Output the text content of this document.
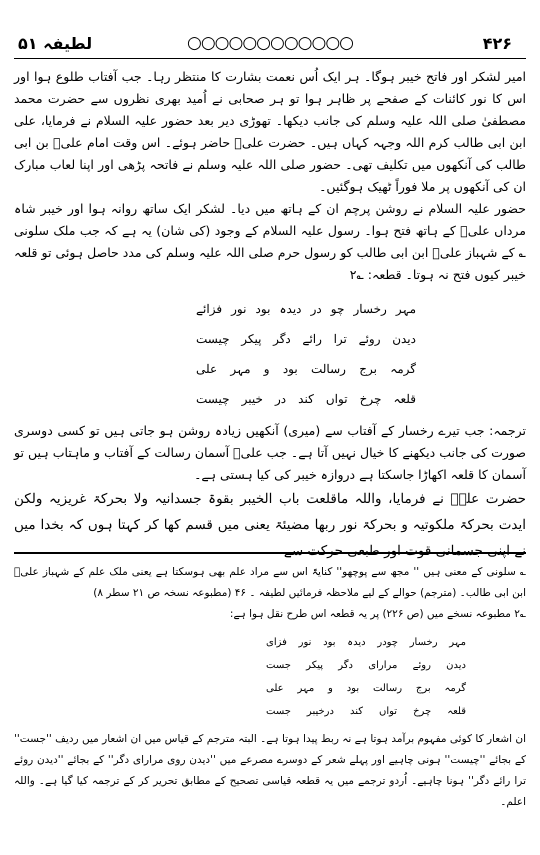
لطیفہ ۵۱	○○○○○○○○○○○○	۴۲۶

امیر لشکر اور فاتح خیبر ہوگا۔ ہر ایک اُس نعمت بشارت کا منتظر رہا۔ جب آفتاب طلوع ہوا اور اس کا نور کائنات کے صفحے پر ظاہر ہوا تو ہر صحابی نے اُمید بھری نظروں سے حضرت محمد مصطفیٰ صلی اللہ علیہ وسلم کی جانب دیکھا۔ تھوڑی دیر بعد حضور علیہ السلام نے فرمایا، علی ابن ابی طالب کرم اللہ وجہہ کہاں ہیں۔ حضرت علیؓ حاضر ہوئے۔ اس وقت امام علیؓ بن ابی طالب کی آنکھوں میں تکلیف تھی۔ حضور صلی اللہ علیہ وسلم نے فاتحہ پڑھی اور اپنا لعاب مبارک ان کی آنکھوں پر ملا فوراً ٹھیک ہوگئیں۔

حضور علیہ السلام نے روشن پرچم ان کے ہاتھ میں دیا۔ لشکر ایک ساتھ روانہ ہوا اور خیبر شاہ مرداں علیؓ کے ہاتھ فتح ہوا۔ رسول علیہ السلام کے وجود (کی شان) یہ ہے کہ جب ملک سلونی ؎ کے شہباز علیؓ ابن ابی طالب کو رسول حرم صلی اللہ علیہ وسلم کی مدد حاصل ہوئی تو قلعہ خیبر کیوں فتح نہ ہوتا۔ قطعہ: ؎۲

مہر رخسار چو در دیدہ بود نور فزائے
دیدن روئے ترا رائے دگر پیکر چیست
گرمہ برج رسالت بود و مہر علی
قلعہ چرخ تواں کند در خیبر چیست

ترجمہ: جب تیرے رخسار کے آفتاب سے (میری) آنکھیں زیادہ روشن ہو جاتی ہیں تو کسی دوسری صورت کی جانب دیکھنے کا خیال نہیں آتا ہے۔ جب علیؓ آسمان رسالت کے آفتاب و ماہتاب ہیں تو آسمان کا قلعہ اکھاڑا جاسکتا ہے دروازہ خیبر کی کیا ہستی ہے۔

حضرت علیؓ نے فرمایا، واللہ ماقلعت باب الخیبر بقوۃ جسدانیہ ولا بحرکۃ غریزیہ ولکن ایدت بحرکۃ ملکوتیہ و بحرکۃ نور ربھا مضیئۃ یعنی میں قسم کھا کر کہتا ہوں کہ بخدا میں نے اپنی جسمانی قوت اور طبعی حرکت سے

؎ سلونی کے معنی ہیں '' مجھ سے پوچھو'' کنایۃً اس سے مراد علم بھی ہوسکتا ہے یعنی ملک علم کے شہباز علیؓ ابن ابی طالب۔ (مترجم) حوالے کے لیے ملاحظہ فرمائیں لطیفہ ۔ ۴۶ (مطبوعہ نسخہ ص ۲۱ سطر ۸)

؎۲ مطبوعہ نسخے میں (ص ۲۲۶) پر یہ قطعہ اس طرح نقل ہوا ہے:

مہر رخسار چودر دیدہ بود نور فزای
دیدن روئے مرارای دگر پیکر جست
گرمہ برج رسالت بود و مہر علی
قلعہ چرخ تواں کند درخیبر جست

ان اشعار کا کوئی مفہوم برآمد ہوتا ہے نہ ربط پیدا ہوتا ہے۔ البتہ مترجم کے قیاس میں ان اشعار میں ردیف ''جست'' کے بجائے ''چیست'' ہونی چاہیے اور پہلے شعر کے دوسرے مصرعے میں ''دیدن روی مرارای دگر'' کے بجائے ''دیدن روئے ترا رائے دگر'' ہونا چاہیے۔ اُردو ترجمے میں یہ قطعہ قیاسی تصحیح کے مطابق تحریر کر کے ترجمہ کیا گیا ہے۔ واللہ اعلم۔
